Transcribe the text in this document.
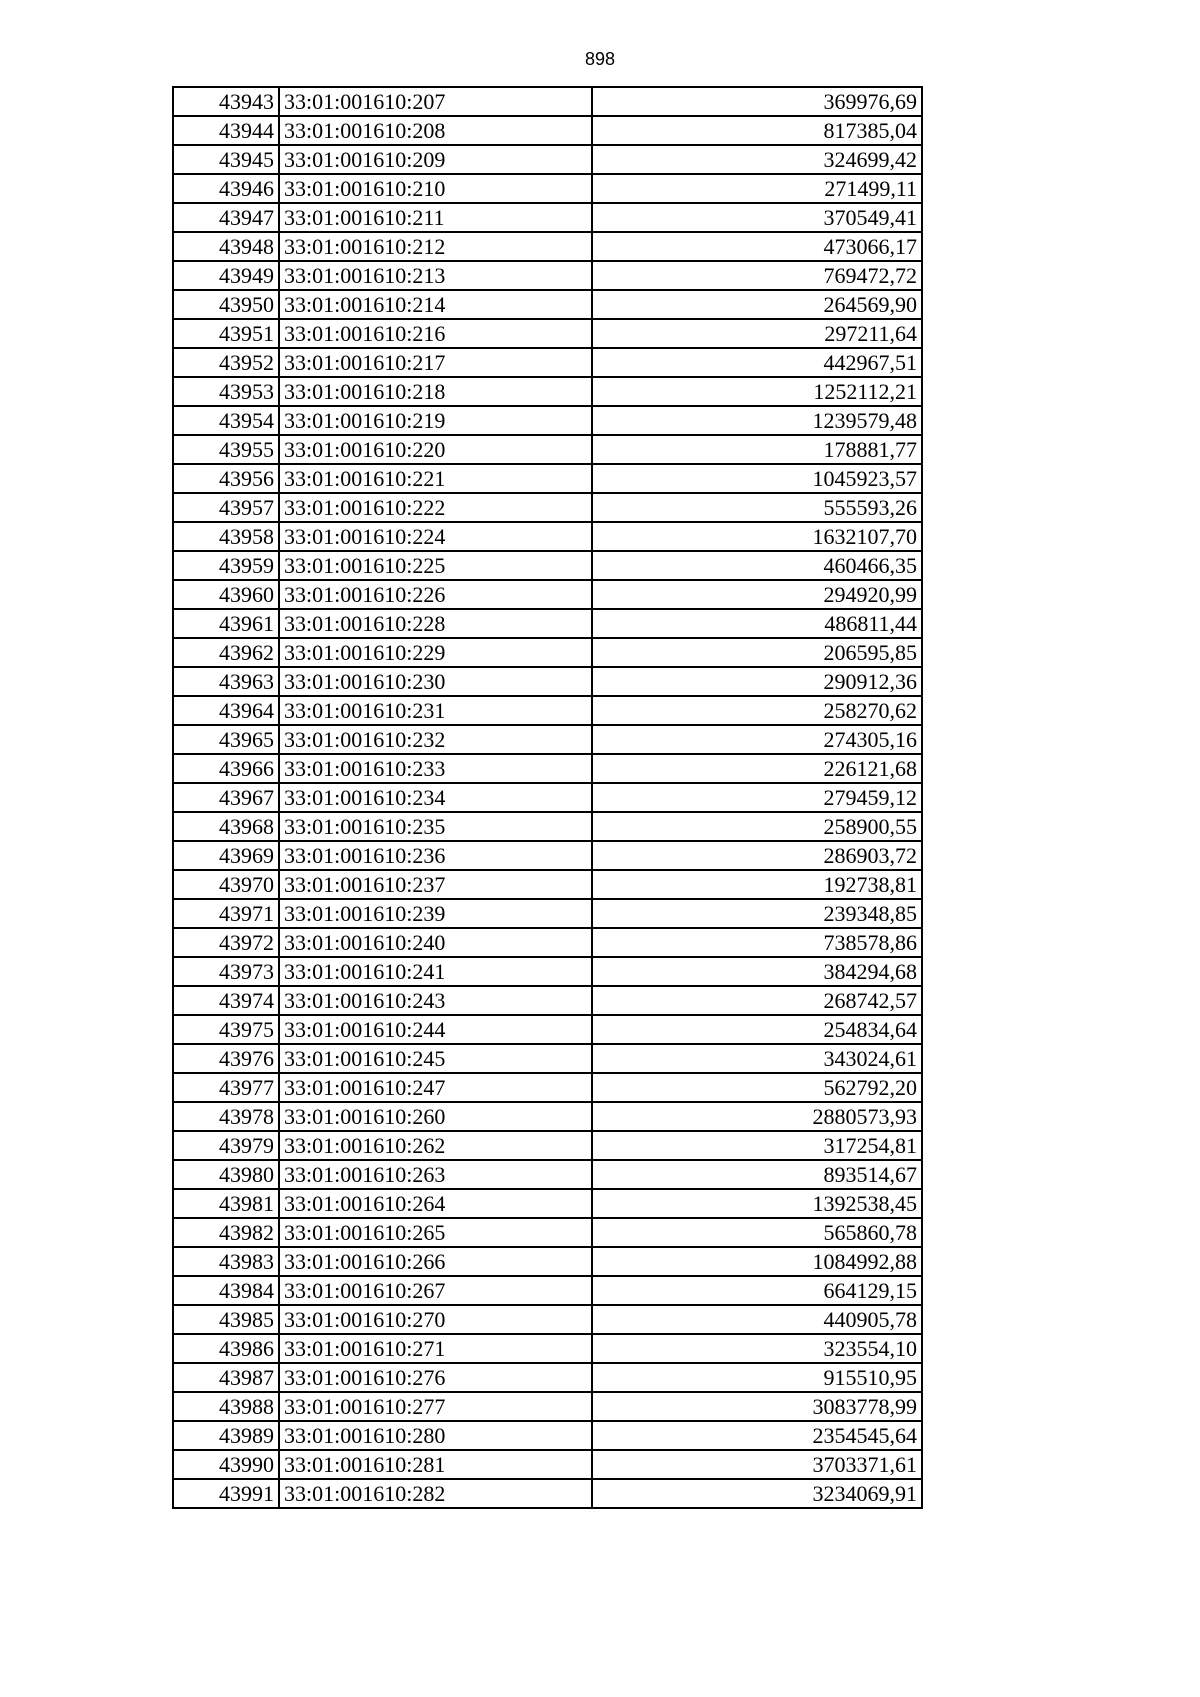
898
43943	33:01:001610:207	369976,69
43944	33:01:001610:208	817385,04
43945	33:01:001610:209	324699,42
43946	33:01:001610:210	271499,11
43947	33:01:001610:211	370549,41
43948	33:01:001610:212	473066,17
43949	33:01:001610:213	769472,72
43950	33:01:001610:214	264569,90
43951	33:01:001610:216	297211,64
43952	33:01:001610:217	442967,51
43953	33:01:001610:218	1252112,21
43954	33:01:001610:219	1239579,48
43955	33:01:001610:220	178881,77
43956	33:01:001610:221	1045923,57
43957	33:01:001610:222	555593,26
43958	33:01:001610:224	1632107,70
43959	33:01:001610:225	460466,35
43960	33:01:001610:226	294920,99
43961	33:01:001610:228	486811,44
43962	33:01:001610:229	206595,85
43963	33:01:001610:230	290912,36
43964	33:01:001610:231	258270,62
43965	33:01:001610:232	274305,16
43966	33:01:001610:233	226121,68
43967	33:01:001610:234	279459,12
43968	33:01:001610:235	258900,55
43969	33:01:001610:236	286903,72
43970	33:01:001610:237	192738,81
43971	33:01:001610:239	239348,85
43972	33:01:001610:240	738578,86
43973	33:01:001610:241	384294,68
43974	33:01:001610:243	268742,57
43975	33:01:001610:244	254834,64
43976	33:01:001610:245	343024,61
43977	33:01:001610:247	562792,20
43978	33:01:001610:260	2880573,93
43979	33:01:001610:262	317254,81
43980	33:01:001610:263	893514,67
43981	33:01:001610:264	1392538,45
43982	33:01:001610:265	565860,78
43983	33:01:001610:266	1084992,88
43984	33:01:001610:267	664129,15
43985	33:01:001610:270	440905,78
43986	33:01:001610:271	323554,10
43987	33:01:001610:276	915510,95
43988	33:01:001610:277	3083778,99
43989	33:01:001610:280	2354545,64
43990	33:01:001610:281	3703371,61
43991	33:01:001610:282	3234069,91
